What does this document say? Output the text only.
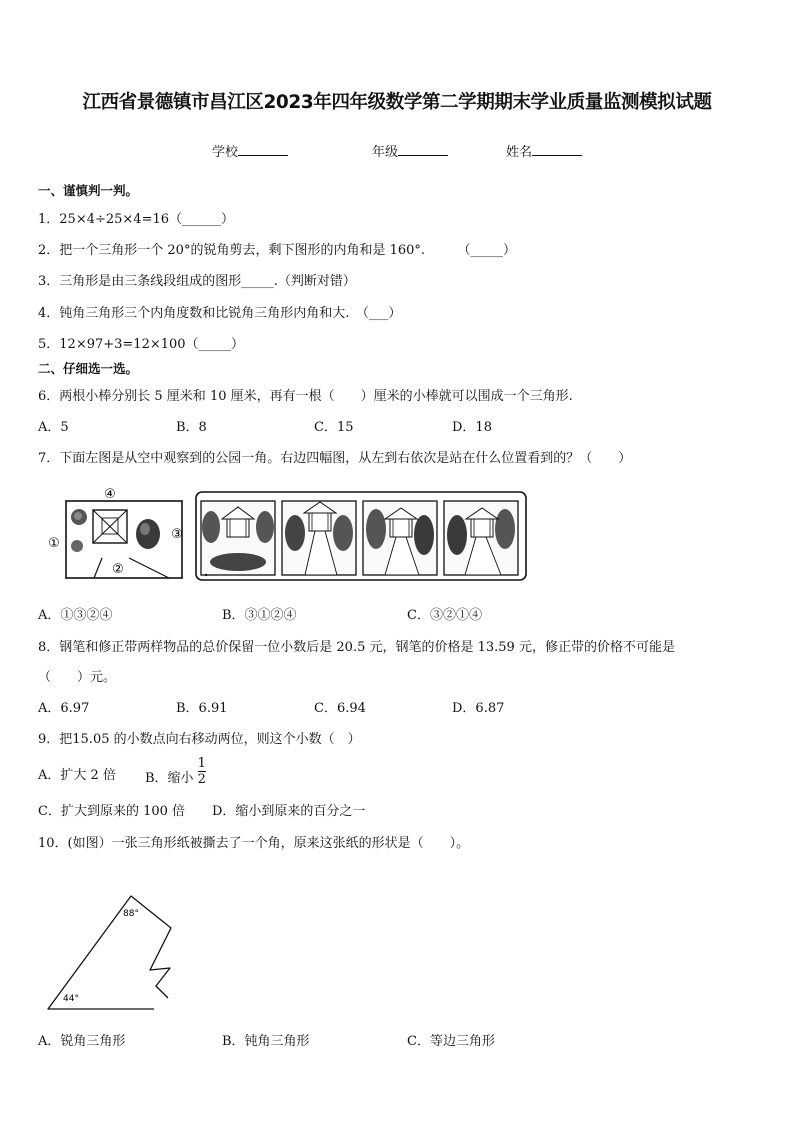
江西省景德镇市昌江区2023年四年级数学第二学期期末学业质量监测模拟试题
学校	年级	姓名
一、谨慎判一判。
1．25×4÷25×4=16（______）
2．把一个三角形一个 20°的锐角剪去，剩下图形的内角和是 160°.　　　（_____）
3．三角形是由三条线段组成的图形_____.（判断对错）
4．钝角三角形三个内角度数和比锐角三角形内角和大.　（___）
5．12×97+3=12×100（_____）
二、仔细选一选。
6．两根小棒分别长 5 厘米和 10 厘米，再有一根（　　）厘米的小棒就可以围成一个三角形.
A．5	B．8	C．15	D．18
7．下面左图是从空中观察到的公园一角。右边四幅图，从左到右依次是站在什么位置看到的？（　　）
④
①
②
③
A．①③②④	B．③①②④	C．③②①④
8．钢笔和修正带两样物品的总价保留一位小数后是 20.5 元，钢笔的价格是 13.59 元，修正带的价格不可能是
（　　）元。
A．6.97	B．6.91	C．6.94	D．6.87
9．把15.05 的小数点向右移动两位，则这个小数（　）
A．扩大 2 倍 B．缩小 $\frac{1}{2}$
C．扩大到原来的 100 倍 D．缩小到原来的百分之一
10．(如图）一张三角形纸被撕去了一个角，原来这张纸的形状是（　　）。
88°
44°
A．锐角三角形	B．钝角三角形	C．等边三角形
